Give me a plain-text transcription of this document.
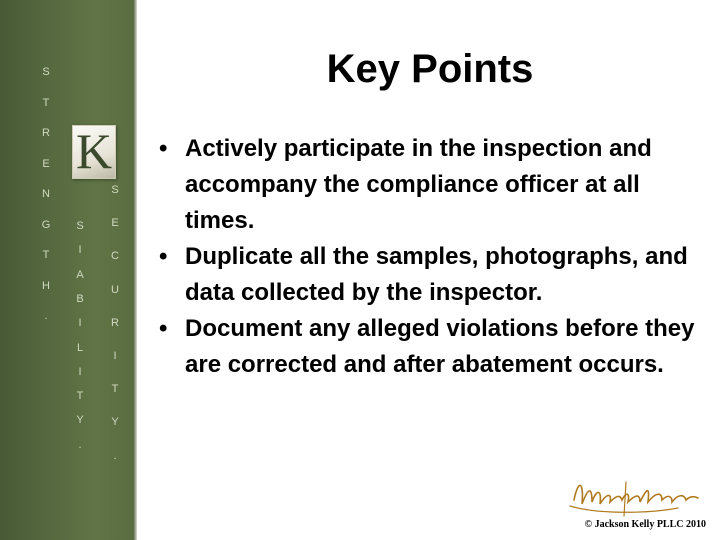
K
S
T
R
E
N
G
T
H
.
S
I
A
B
I
L
I
T
Y
.
S
E
C
U
R
I
T
Y
.
Key Points
• Actively participate in the inspection and accompany the compliance officer at all times.
• Duplicate all the samples, photographs, and data collected by the inspector.
• Document any alleged violations before they are corrected and after abatement occurs.
© Jackson Kelly PLLC 2010
